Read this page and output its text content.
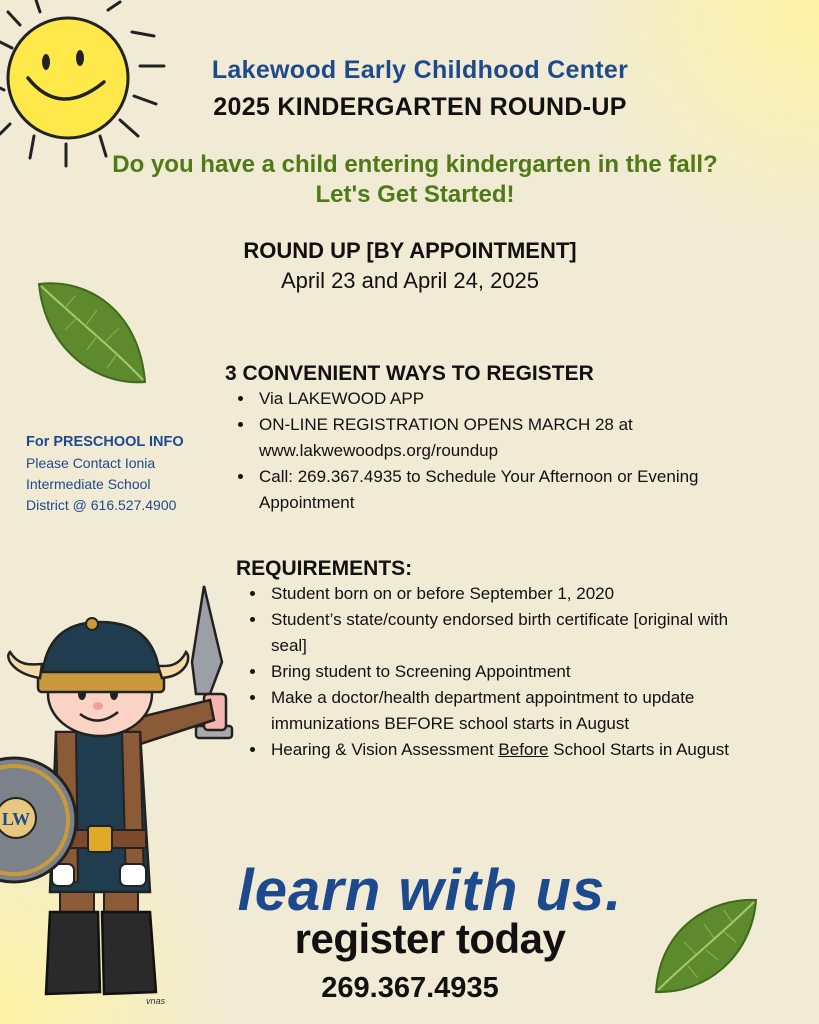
Lakewood Early Childhood Center
2025 KINDERGARTEN ROUND-UP
Do you have a child entering kindergarten in the fall?
Let's Get Started!
ROUND UP [BY APPOINTMENT]
April 23 and April 24, 2025
3 CONVENIENT WAYS TO REGISTER
• Via LAKEWOOD APP
• ON-LINE REGISTRATION OPENS MARCH 28 at www.lakwewoodps.org/roundup
• Call: 269.367.4935 to Schedule Your Afternoon or Evening Appointment
For PRESCHOOL INFO
Please Contact Ionia
Intermediate School
District @ 616.527.4900
REQUIREMENTS:
• Student born on or before September 1, 2020
• Student’s state/county endorsed birth certificate [original with seal]
• Bring student to Screening Appointment
• Make a doctor/health department appointment to update immunizations BEFORE school starts in August
• Hearing & Vision Assessment Before School Starts in August
LW
vnas
learn with us.
register today
269.367.4935
